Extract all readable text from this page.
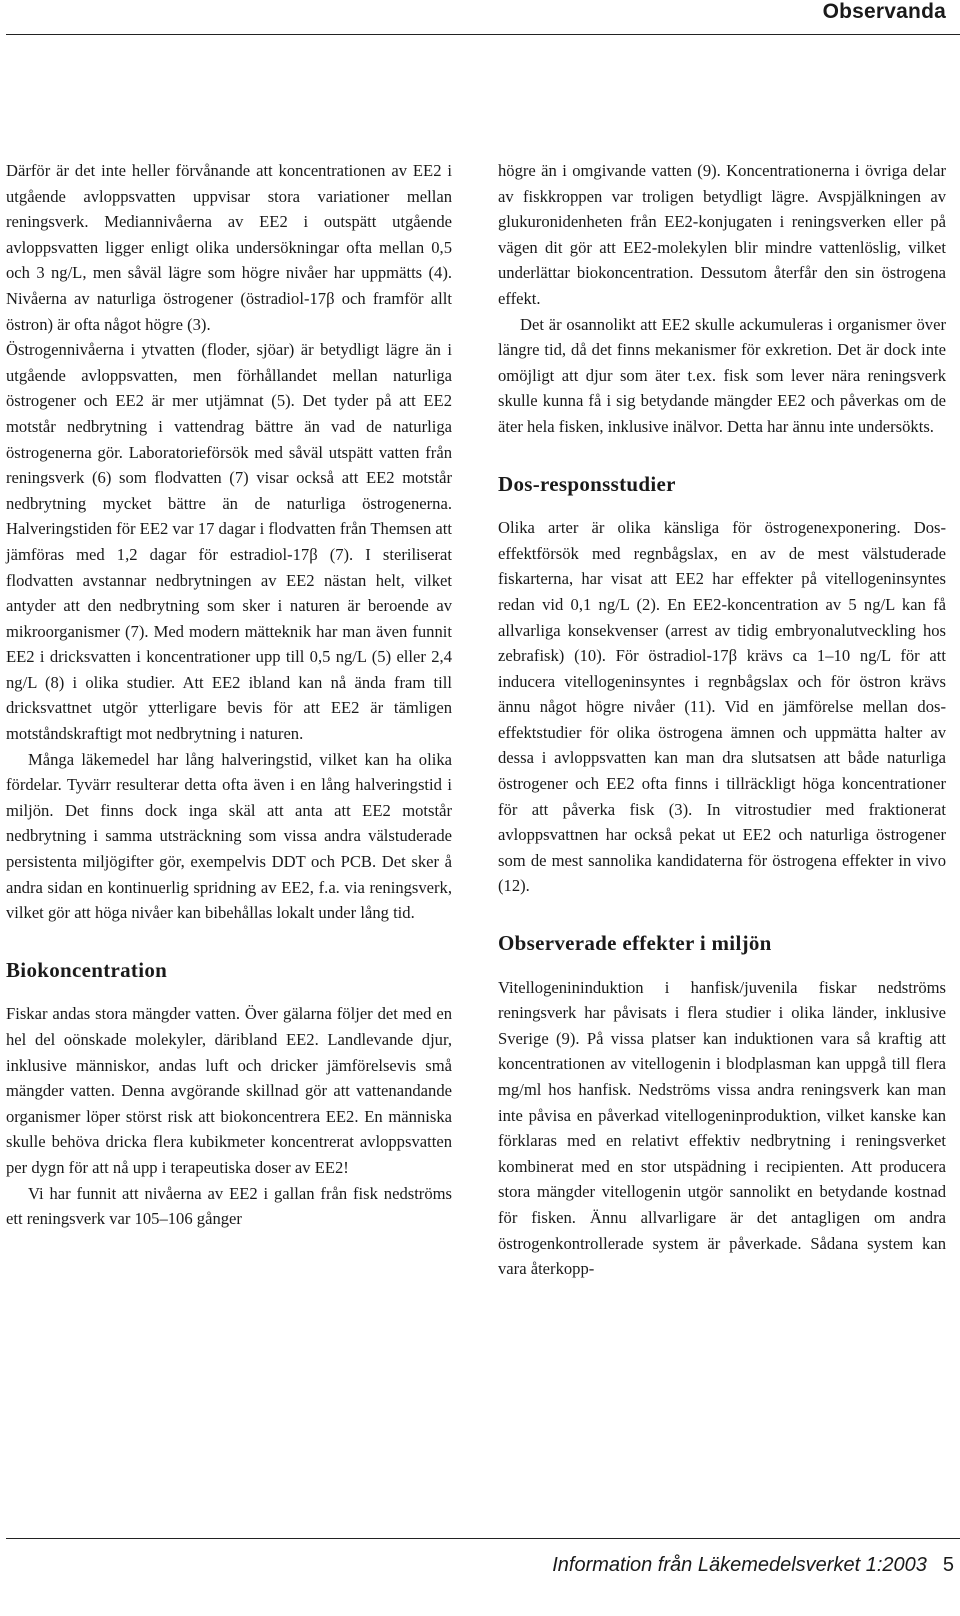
Observanda

Därför är det inte heller förvånande att koncentrationen av EE2 i utgående avloppsvatten uppvisar stora variationer mellan reningsverk. Mediannivåerna av EE2 i outspätt utgående avloppsvatten ligger enligt olika undersökningar ofta mellan 0,5 och 3 ng/L, men såväl lägre som högre nivåer har uppmätts (4). Nivåerna av naturliga östrogener (östradiol-17β och framför allt östron) är ofta något högre (3).

Östrogennivåerna i ytvatten (floder, sjöar) är betydligt lägre än i utgående avloppsvatten, men förhållandet mellan naturliga östrogener och EE2 är mer utjämnat (5). Det tyder på att EE2 motstår nedbrytning i vattendrag bättre än vad de naturliga östrogenerna gör. Laboratorieförsök med såväl utspätt vatten från reningsverk (6) som flodvatten (7) visar också att EE2 motstår nedbrytning mycket bättre än de naturliga östrogenerna. Halveringstiden för EE2 var 17 dagar i flodvatten från Themsen att jämföras med 1,2 dagar för estradiol-17β (7). I steriliserat flodvatten avstannar nedbrytningen av EE2 nästan helt, vilket antyder att den nedbrytning som sker i naturen är beroende av mikroorganismer (7). Med modern mätteknik har man även funnit EE2 i dricksvatten i koncentrationer upp till 0,5 ng/L (5) eller 2,4 ng/L (8) i olika studier. Att EE2 ibland kan nå ända fram till dricksvattnet utgör ytterligare bevis för att EE2 är tämligen motståndskraftigt mot nedbrytning i naturen.

Många läkemedel har lång halveringstid, vilket kan ha olika fördelar. Tyvärr resulterar detta ofta även i en lång halveringstid i miljön. Det finns dock inga skäl att anta att EE2 motstår nedbrytning i samma utsträckning som vissa andra välstuderade persistenta miljögifter gör, exempelvis DDT och PCB. Det sker å andra sidan en kontinuerlig spridning av EE2, f.a. via reningsverk, vilket gör att höga nivåer kan bibehållas lokalt under lång tid.

Biokoncentration

Fiskar andas stora mängder vatten. Över gälarna följer det med en hel del oönskade molekyler, däribland EE2. Landlevande djur, inklusive människor, andas luft och dricker jämförelsevis små mängder vatten. Denna avgörande skillnad gör att vattenandande organismer löper störst risk att biokoncentrera EE2. En människa skulle behöva dricka flera kubikmeter koncentrerat avloppsvatten per dygn för att nå upp i terapeutiska doser av EE2!

Vi har funnit att nivåerna av EE2 i gallan från fisk nedströms ett reningsverk var 105–106 gånger

högre än i omgivande vatten (9). Koncentrationerna i övriga delar av fiskkroppen var troligen betydligt lägre. Avspjälkningen av glukuronidenheten från EE2-konjugaten i reningsverken eller på vägen dit gör att EE2-molekylen blir mindre vattenlöslig, vilket underlättar biokoncentration. Dessutom återfår den sin östrogena effekt.

Det är osannolikt att EE2 skulle ackumuleras i organismer över längre tid, då det finns mekanismer för exkretion. Det är dock inte omöjligt att djur som äter t.ex. fisk som lever nära reningsverk skulle kunna få i sig betydande mängder EE2 och påverkas om de äter hela fisken, inklusive inälvor. Detta har ännu inte undersökts.

Dos-responsstudier

Olika arter är olika känsliga för östrogenexponering. Dos-effektförsök med regnbågslax, en av de mest välstuderade fiskarterna, har visat att EE2 har effekter på vitellogeninsyntes redan vid 0,1 ng/L (2). En EE2-koncentration av 5 ng/L kan få allvarliga konsekvenser (arrest av tidig embryonalutveckling hos zebrafisk) (10). För östradiol-17β krävs ca 1–10 ng/L för att inducera vitellogeninsyntes i regnbågslax och för östron krävs ännu något högre nivåer (11). Vid en jämförelse mellan dos-effektstudier för olika östrogena ämnen och uppmätta halter av dessa i avloppsvatten kan man dra slutsatsen att både naturliga östrogener och EE2 ofta finns i tillräckligt höga koncentrationer för att påverka fisk (3). In vitrostudier med fraktionerat avloppsvattnen har också pekat ut EE2 och naturliga östrogener som de mest sannolika kandidaterna för östrogena effekter in vivo (12).

Observerade effekter i miljön

Vitellogenininduktion i hanfisk/juvenila fiskar nedströms reningsverk har påvisats i flera studier i olika länder, inklusive Sverige (9). På vissa platser kan induktionen vara så kraftig att koncentrationen av vitellogenin i blodplasman kan uppgå till flera mg/ml hos hanfisk. Nedströms vissa andra reningsverk kan man inte påvisa en påverkad vitellogeninproduktion, vilket kanske kan förklaras med en relativt effektiv nedbrytning i reningsverket kombinerat med en stor utspädning i recipienten. Att producera stora mängder vitellogenin utgör sannolikt en betydande kostnad för fisken. Ännu allvarligare är det antagligen om andra östrogenkontrollerade system är påverkade. Sådana system kan vara återkopp-

Information från Läkemedelsverket 1:2003 5
